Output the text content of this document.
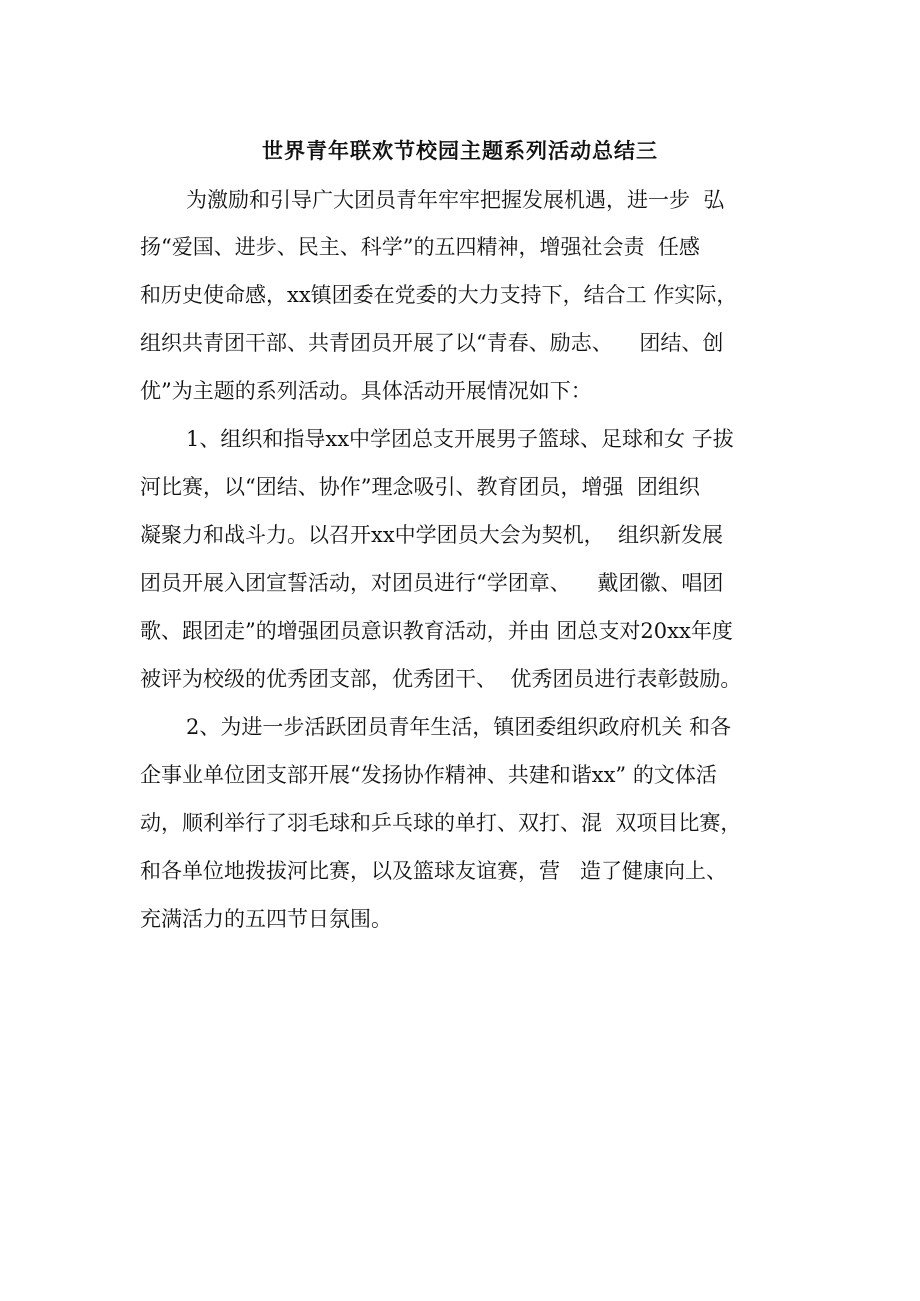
世界青年联欢节校园主题系列活动总结三
为激励和引导广大团员青年牢牢把握发展机遇，进一步  弘
扬“爱国、进步、民主、科学”的五四精神，增强社会责  任感
和历史使命感，xx镇团委在党委的大力支持下，结合工 作实际，
组织共青团干部、共青团员开展了以“青春、励志、    团结、创
优”为主题的系列活动。具体活动开展情况如下：
1、组织和指导xx中学团总支开展男子篮球、足球和女 子拔
河比赛，以“团结、协作”理念吸引、教育团员，增强  团组织
凝聚力和战斗力。以召开xx中学团员大会为契机，  组织新发展
团员开展入团宣誓活动，对团员进行“学团章、    戴团徽、唱团
歌、跟团走”的增强团员意识教育活动，并由 团总支对20xx年度
被评为校级的优秀团支部，优秀团干、  优秀团员进行表彰鼓励。
2、为进一步活跃团员青年生活，镇团委组织政府机关 和各
企事业单位团支部开展“发扬协作精神、共建和谐xx” 的文体活
动，顺利举行了羽毛球和乒乓球的单打、双打、混  双项目比赛，
和各单位地拨拔河比赛，以及篮球友谊赛，营   造了健康向上、
充满活力的五四节日氛围。
